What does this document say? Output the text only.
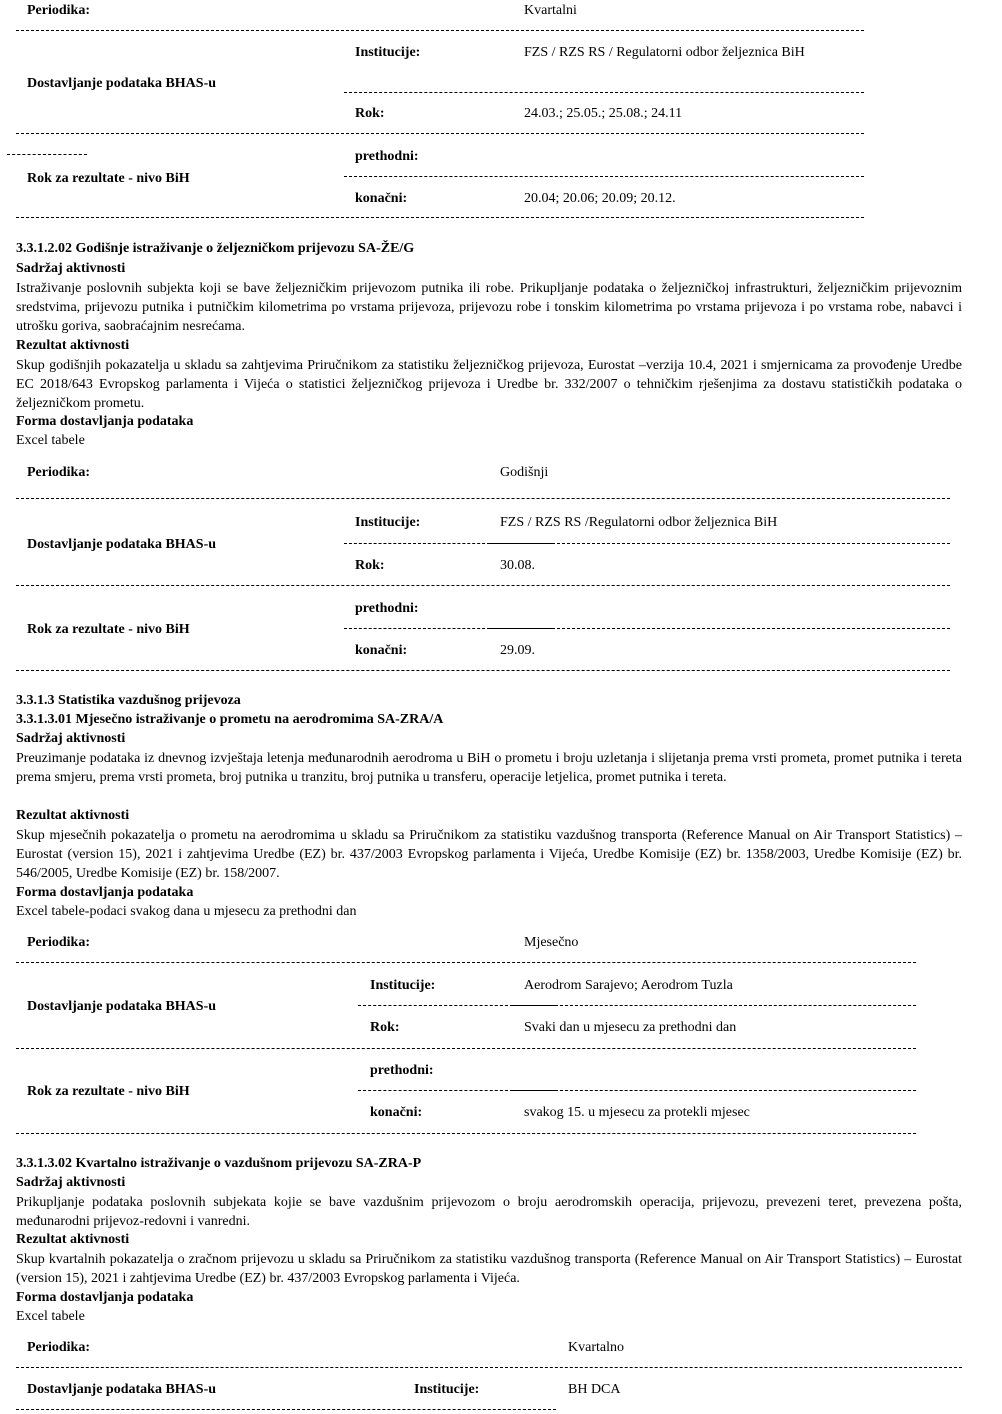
Periodika:	Kvartalni
Dostavljanje podataka BHAS-u
Institucije:	FZS / RZS RS / Regulatorni odbor željeznica BiH
Rok:	24.03.; 25.05.; 25.08.; 24.11
Rok za rezultate - nivo BiH
prethodni:
konačni:	20.04; 20.06; 20.09; 20.12.
3.3.1.2.02 Godišnje istraživanje o željezničkom prijevozu SA-ŽE/G
Sadržaj aktivnosti

Istraživanje poslovnih subjekta koji se bave željezničkim prijevozom putnika ili robe. Prikupljanje podataka o željezničkoj infrastrukturi, željezničkim prijevoznim sredstvima, prijevozu putnika i putničkim kilometrima po vrstama prijevoza, prijevozu robe i tonskim kilometrima po vrstama prijevoza i po vrstama robe, nabavci i utrošku goriva, saobraćajnim nesrećama.

Rezultat aktivnosti

Skup godišnjih pokazatelja u skladu sa zahtjevima Priručnikom za statistiku željezničkog prijevoza, Eurostat –verzija 10.4, 2021 i smjernicama za provođenje Uredbe EC 2018/643 Evropskog parlamenta i Vijeća o statistici željezničkog prijevoza i Uredbe br. 332/2007 o tehničkim rješenjima za dostavu statističkih podataka o željezničkom prometu.

Forma dostavljanja podataka
Excel tabele
Periodika:	Godišnji
Dostavljanje podataka BHAS-u
Institucije:	FZS / RZS RS /Regulatorni odbor željeznica BiH
Rok:	30.08.
Rok za rezultate - nivo BiH
prethodni:
konačni:	29.09.
3.3.1.3 Statistika vazdušnog prijevoza
3.3.1.3.01 Mjesečno istraživanje o prometu na aerodromima SA-ZRA/A
Sadržaj aktivnosti

Preuzimanje podataka iz dnevnog izvještaja letenja međunarodnih aerodroma u BiH o prometu i broju uzletanja i slijetanja prema vrsti prometa, promet putnika i tereta prema smjeru, prema vrsti prometa, broj putnika u tranzitu, broj putnika u transferu, operacije letjelica, promet putnika i tereta.

Rezultat aktivnosti

Skup mjesečnih pokazatelja o prometu na aerodromima u skladu sa Priručnikom za statistiku vazdušnog transporta (Reference Manual on Air Transport Statistics) – Eurostat (version 15), 2021 i zahtjevima Uredbe (EZ) br. 437/2003 Evropskog parlamenta i Vijeća, Uredbe Komisije (EZ) br. 1358/2003, Uredbe Komisije (EZ) br. 546/2005, Uredbe Komisije (EZ) br. 158/2007.

Forma dostavljanja podataka
Excel tabele-podaci svakog dana u mjesecu za prethodni dan
Periodika:	Mjesečno
Dostavljanje podataka BHAS-u
Institucije:	Aerodrom Sarajevo; Aerodrom Tuzla
Rok:	Svaki dan u mjesecu za prethodni dan
Rok za rezultate - nivo BiH
prethodni:
konačni:	svakog 15. u mjesecu za protekli mjesec
3.3.1.3.02 Kvartalno istraživanje o vazdušnom prijevozu SA-ZRA-P
Sadržaj aktivnosti

Prikupljanje podataka poslovnih subjekata kojie se bave vazdušnim prijevozom o broju aerodromskih operacija, prijevozu, prevezeni teret, prevezena pošta, međunarodni prijevoz-redovni i vanredni.

Rezultat aktivnosti

Skup kvartalnih pokazatelja o zračnom prijevozu u skladu sa Priručnikom za statistiku vazdušnog transporta (Reference Manual on Air Transport Statistics) – Eurostat (version 15), 2021 i zahtjevima Uredbe (EZ) br. 437/2003 Evropskog parlamenta i Vijeća.

Forma dostavljanja podataka
Excel tabele
Periodika:	Kvartalno
Dostavljanje podataka BHAS-u	Institucije:	BH DCA
